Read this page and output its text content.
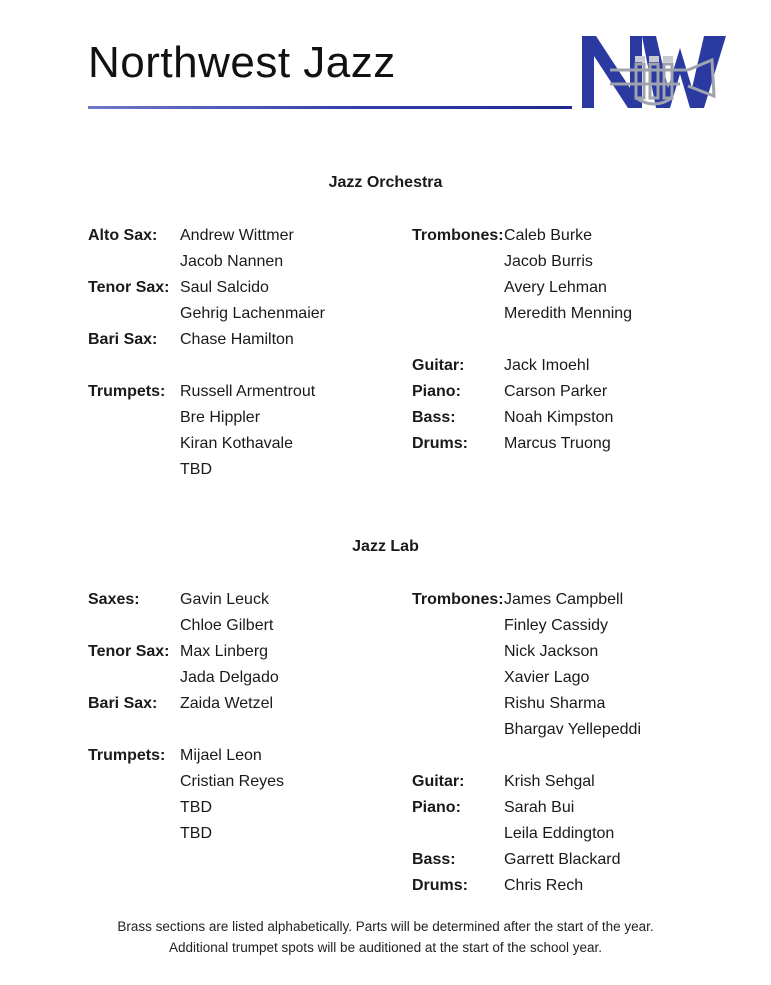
Northwest Jazz
Jazz Orchestra
Alto Sax: Andrew Wittmer
Jacob Nannen
Tenor Sax: Saul Salcido
Gehrig Lachenmaier
Bari Sax: Chase Hamilton
Trumpets: Russell Armentrout
Bre Hippler
Kiran Kothavale
TBD
Trombones: Caleb Burke
Jacob Burris
Avery Lehman
Meredith Menning
Guitar: Jack Imoehl
Piano:	Carson Parker
Bass:	Noah Kimpston
Drums: Marcus Truong
Jazz Lab
Saxes:	Gavin Leuck
Chloe Gilbert
Tenor Sax: Max Linberg
Jada Delgado
Bari Sax: Zaida Wetzel
Trumpets: Mijael Leon
Cristian Reyes
TBD
TBD
Trombones: James Campbell
Finley Cassidy
Nick Jackson
Xavier Lago
Rishu Sharma
Bhargav Yellepeddi
Guitar: Krish Sehgal
Piano:	Sarah Bui
Leila Eddington
Bass:	Garrett Blackard
Drums: Chris Rech
Brass sections are listed alphabetically. Parts will be determined after the start of the year.
Additional trumpet spots will be auditioned at the start of the school year.
